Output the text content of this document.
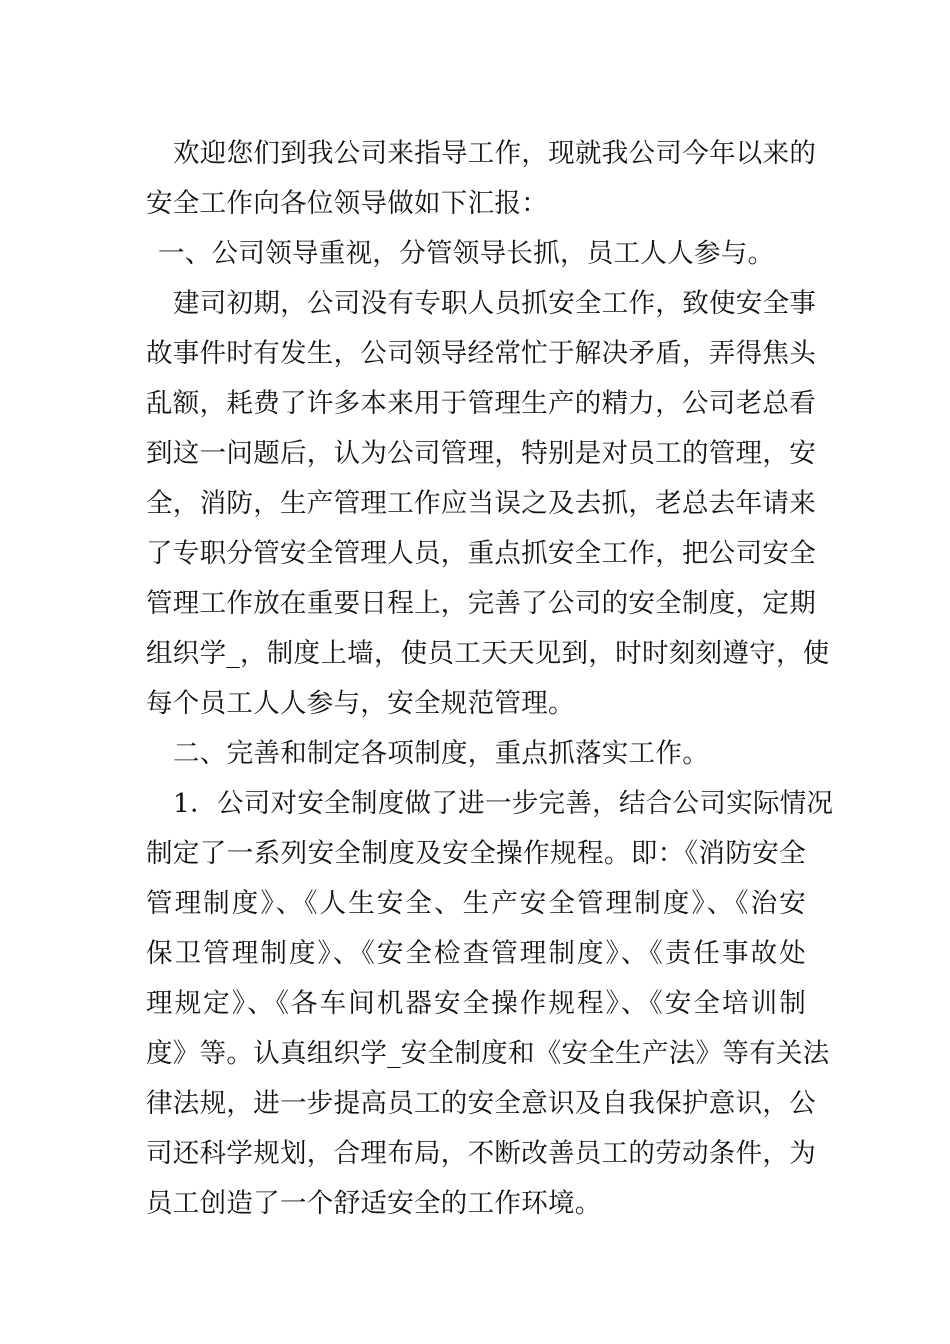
欢迎您们到我公司来指导工作，现就我公司今年以来的
安全工作向各位领导做如下汇报：
一、公司领导重视，分管领导长抓，员工人人参与。
建司初期，公司没有专职人员抓安全工作，致使安全事
故事件时有发生，公司领导经常忙于解决矛盾，弄得焦头
乱额，耗费了许多本来用于管理生产的精力，公司老总看
到这一问题后，认为公司管理，特别是对员工的管理，安
全，消防，生产管理工作应当误之及去抓，老总去年请来
了专职分管安全管理人员，重点抓安全工作，把公司安全
管理工作放在重要日程上，完善了公司的安全制度，定期
组织学_，制度上墙，使员工天天见到，时时刻刻遵守，使
每个员工人人参与，安全规范管理。
二、完善和制定各项制度，重点抓落实工作。
1．公司对安全制度做了进一步完善，结合公司实际情况
制定了一系列安全制度及安全操作规程。即：《消防安全
管理制度》、《人生安全、生产安全管理制度》、《治安
保卫管理制度》、《安全检查管理制度》、《责任事故处
理规定》、《各车间机器安全操作规程》、《安全培训制
度》等。认真组织学_安全制度和《安全生产法》等有关法
律法规，进一步提高员工的安全意识及自我保护意识，公
司还科学规划，合理布局，不断改善员工的劳动条件，为
员工创造了一个舒适安全的工作环境。
